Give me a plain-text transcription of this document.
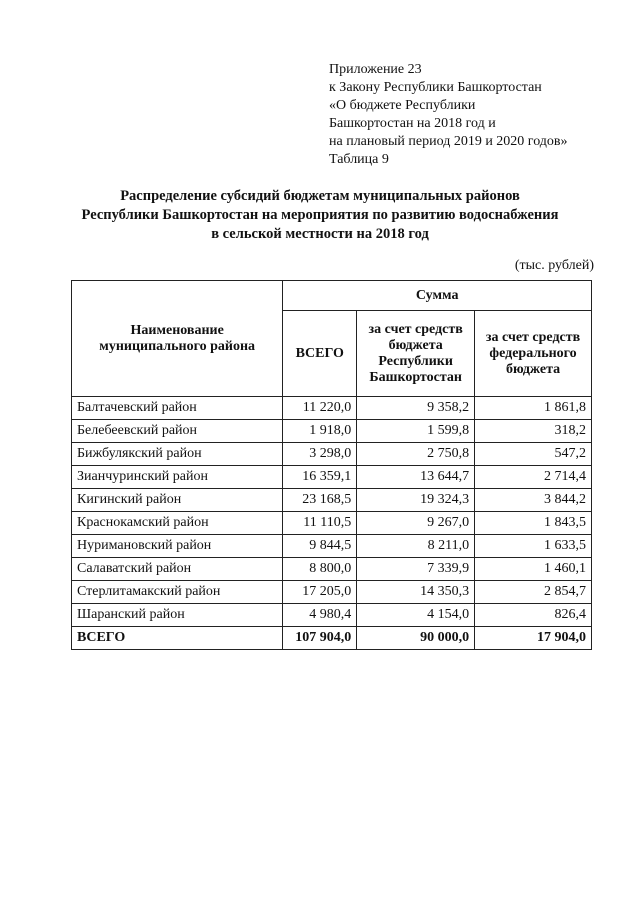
Приложение 23
к Закону Республики Башкортостан
«О бюджете Республики
Башкортостан на 2018 год и
на плановый период 2019 и 2020 годов»
Таблица 9
Распределение субсидий бюджетам муниципальных районов
Республики Башкортостан на мероприятия по развитию водоснабжения
в сельской местности на 2018 год
(тыс. рублей)
Наименование муниципального района	Сумма		
	ВСЕГО	за счет средств бюджета Республики Башкортостан	за счет средств федерального бюджета
Балтачевский район	11 220,0	9 358,2	1 861,8
Белебеевский район	1 918,0	1 599,8	318,2
Бижбулякский район	3 298,0	2 750,8	547,2
Зианчуринский район	16 359,1	13 644,7	2 714,4
Кигинский район	23 168,5	19 324,3	3 844,2
Краснокамский район	11 110,5	9 267,0	1 843,5
Нуримановский район	9 844,5	8 211,0	1 633,5
Салаватский район	8 800,0	7 339,9	1 460,1
Стерлитамакский район	17 205,0	14 350,3	2 854,7
Шаранский район	4 980,4	4 154,0	826,4
ВСЕГО	107 904,0	90 000,0	17 904,0
